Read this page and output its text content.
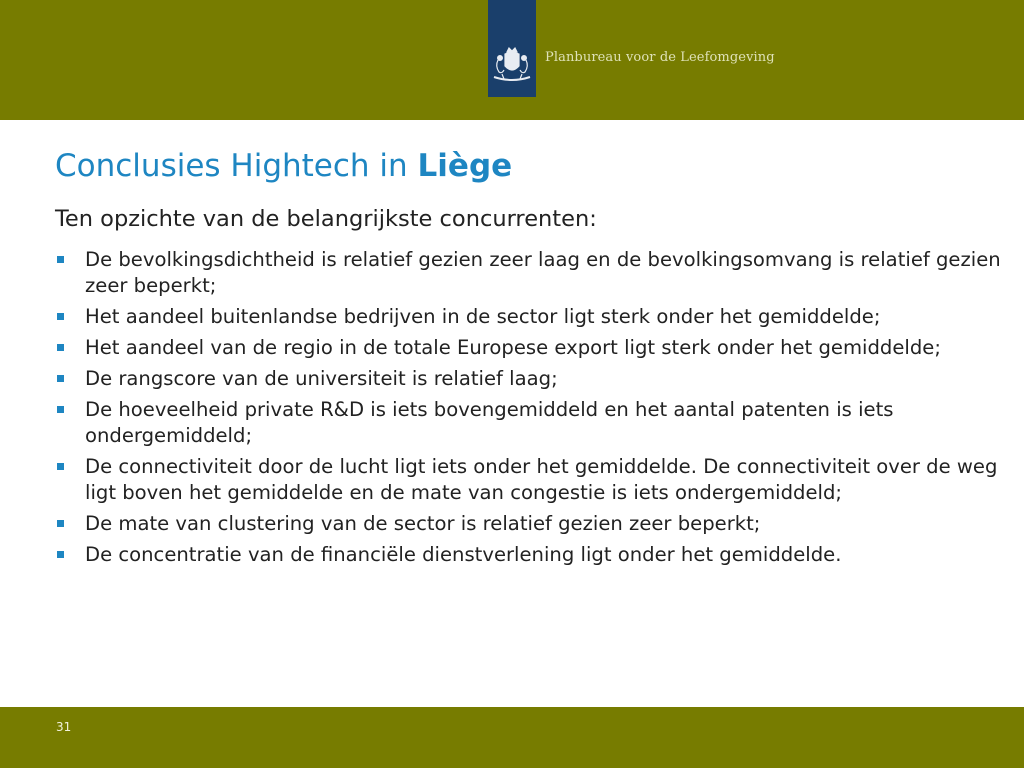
Planbureau voor de Leefomgeving
Conclusies Hightech in Liège
Ten opzichte van de belangrijkste concurrenten:
De bevolkingsdichtheid is relatief gezien zeer laag en de bevolkingsomvang is relatief gezien zeer beperkt;
Het aandeel buitenlandse bedrijven in de sector ligt sterk onder het gemiddelde;
Het aandeel van de regio in de totale Europese export ligt sterk onder het gemiddelde;
De rangscore van de universiteit is relatief laag;
De hoeveelheid private R&D is iets bovengemiddeld en het aantal patenten is iets ondergemiddeld;
De connectiviteit door de lucht ligt iets onder het gemiddelde. De connectiviteit over de weg ligt boven het gemiddelde en de mate van congestie is iets ondergemiddeld;
De mate van clustering van de sector is relatief gezien zeer beperkt;
De concentratie van de financiële dienstverlening ligt onder het gemiddelde.
31
